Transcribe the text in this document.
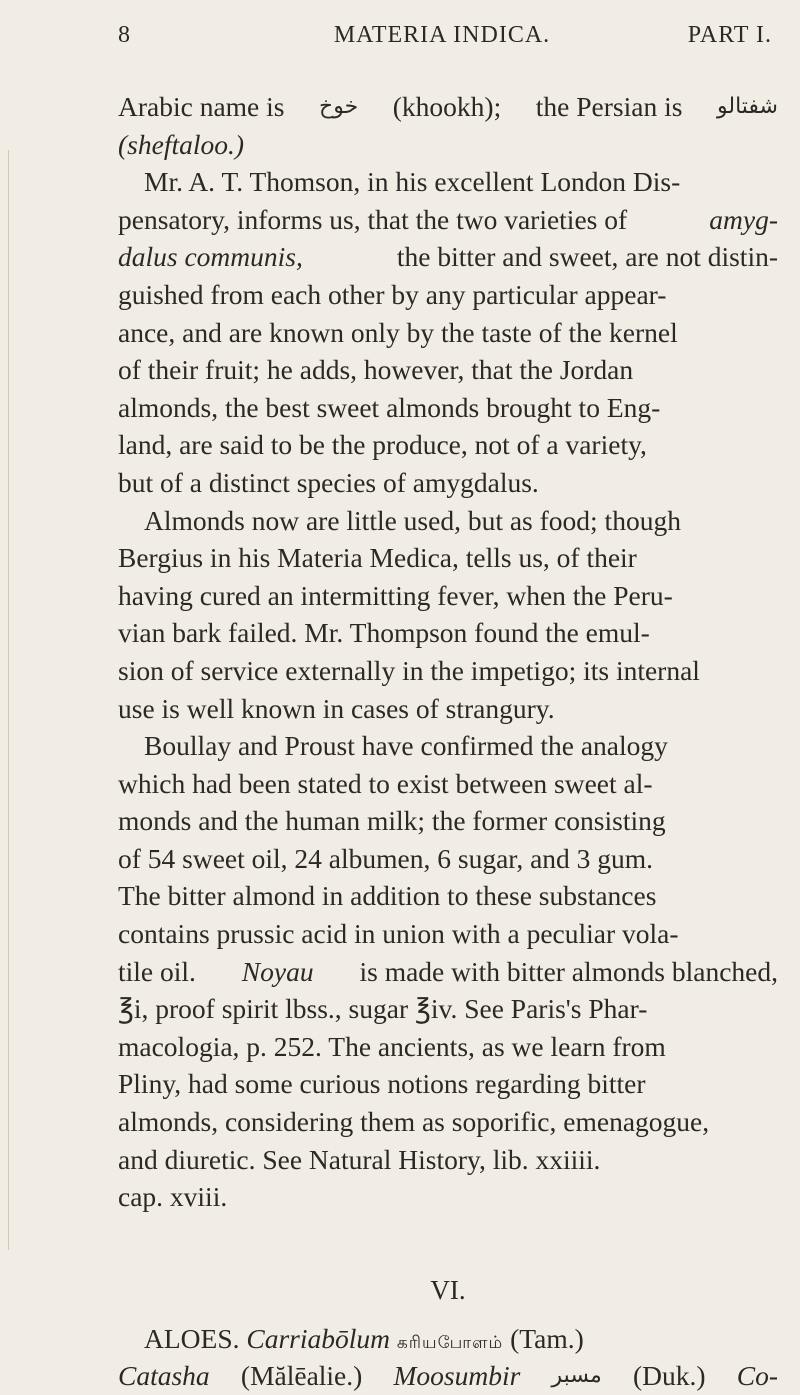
8	MATERIA INDICA.	PART I.
Arabic name is خوخ (khookh); the Persian is شفتالو
(sheftaloo.)
Mr. A. T. Thomson, in his excellent London Dis-
pensatory, informs us, that the two varieties of	amyg-
dalus communis,	the bitter and sweet, are not distin-
guished from each other by any particular appear-
ance, and are known only by the taste of the kernel
of their fruit; he adds, however, that the Jordan
almonds, the best sweet almonds brought to Eng-
land, are said to be the produce, not of a variety,
but of a distinct species of amygdalus.
Almonds now are little used, but as food; though
Bergius in his Materia Medica, tells us, of their
having cured an intermitting fever, when the Peru-
vian bark failed. Mr. Thompson found the emul-
sion of service externally in the impetigo; its internal
use is well known in cases of strangury.
Boullay and Proust have confirmed the analogy
which had been stated to exist between sweet al-
monds and the human milk; the former consisting
of 54 sweet oil, 24 albumen, 6 sugar, and 3 gum.
The bitter almond in addition to these substances
contains prussic acid in union with a peculiar vola-
tile oil. Noyau is made with bitter almonds blanched,
℥i, proof spirit lbss., sugar ℥iv. See Paris's Phar-
macologia, p. 252. The ancients, as we learn from
Pliny, had some curious notions regarding bitter
almonds, considering them as soporific, emenagogue,
and diuretic. See Natural History, lib. xxiiii.
cap. xviii.
VI.
ALOES. Carriabōlum கரியபோளம் (Tam.)
Catasha (Mălēalie.) Moosumbir مسبر (Duk.) Co-
